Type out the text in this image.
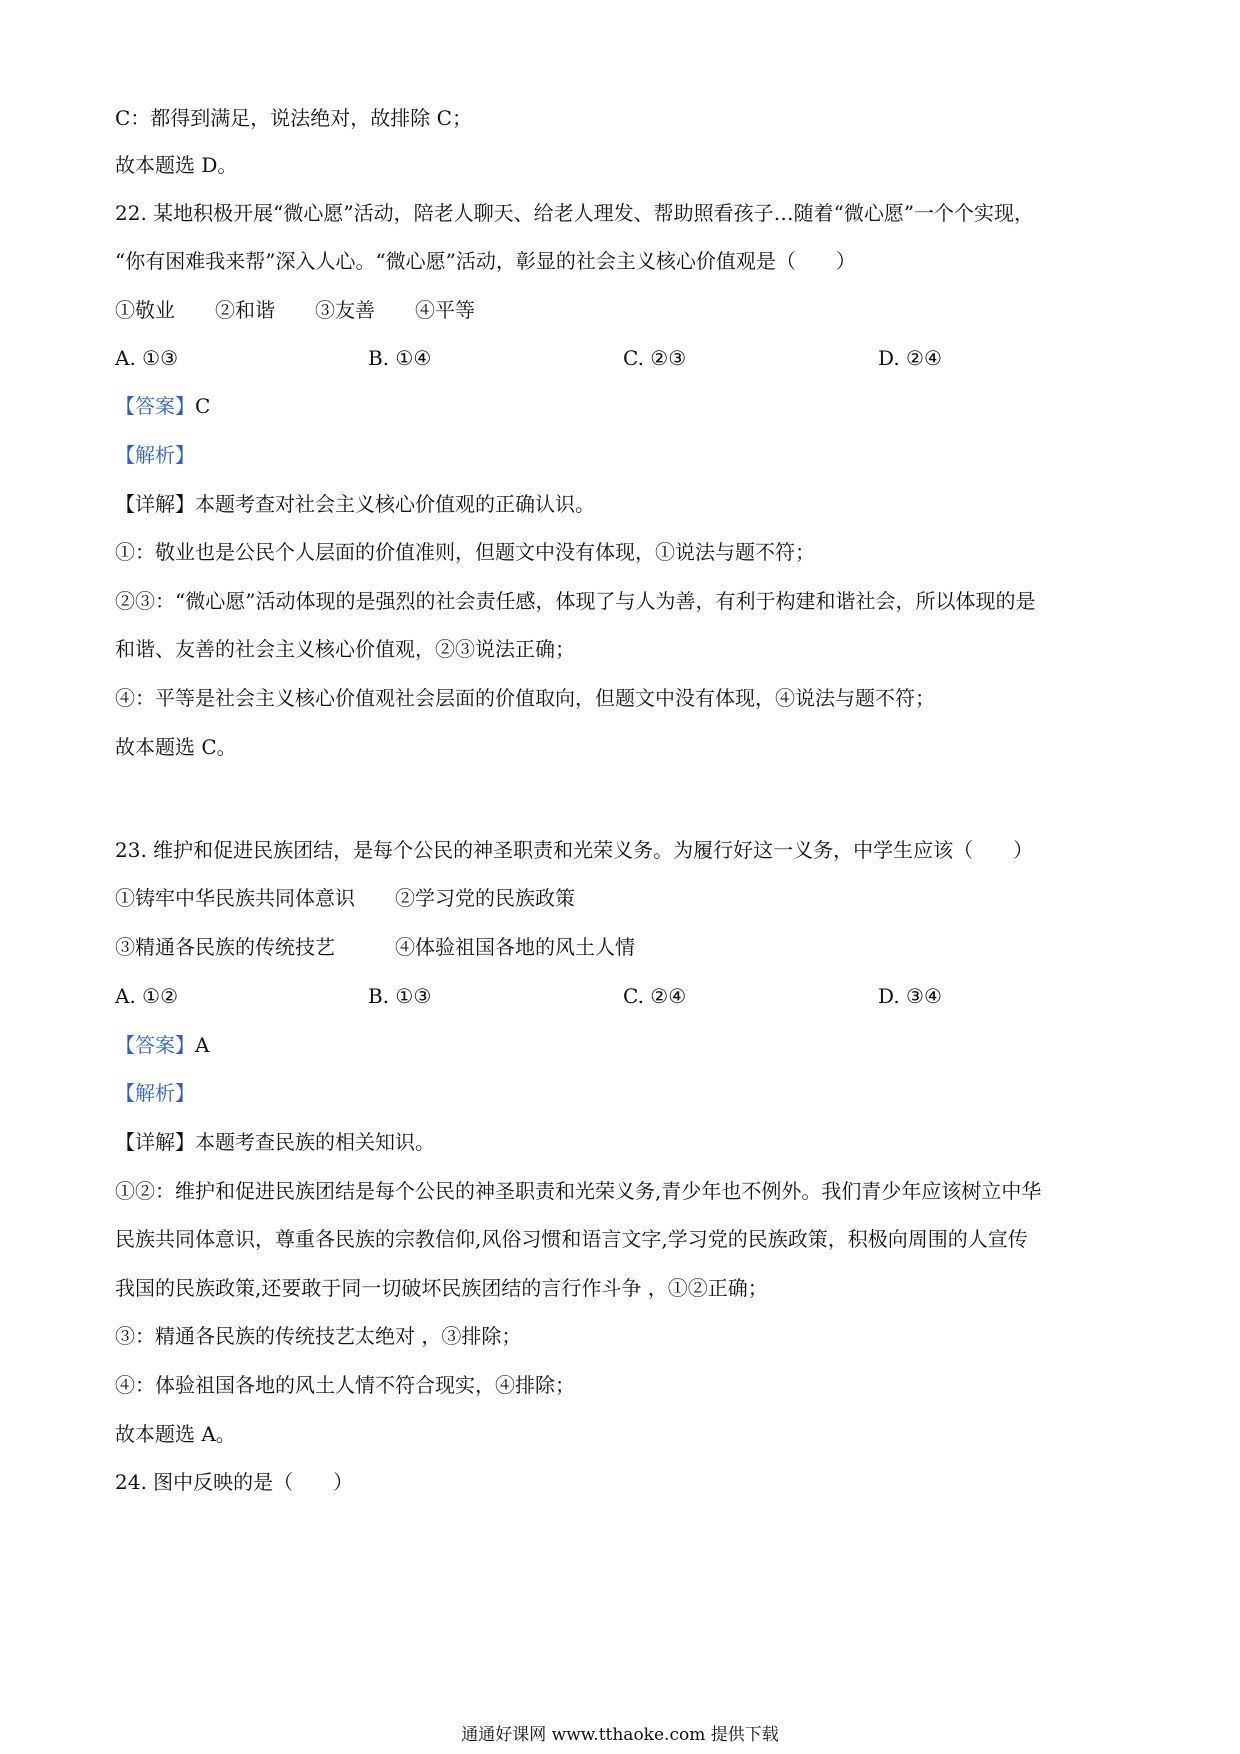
C：都得到满足，说法绝对，故排除 C；
故本题选 D。
22. 某地积极开展“微心愿”活动，陪老人聊天、给老人理发、帮助照看孩子…随着“微心愿”一个个实现，
“你有困难我来帮”深入人心。“微心愿”活动，彰显的社会主义核心价值观是（　　）
①敬业　　②和谐　　③友善　　④平等
A. ①③	B. ①④	C. ②③	D. ②④
【答案】C
【解析】
【详解】本题考查对社会主义核心价值观的正确认识。
①：敬业也是公民个人层面的价值准则，但题文中没有体现，①说法与题不符；
②③：“微心愿”活动体现的是强烈的社会责任感，体现了与人为善，有利于构建和谐社会，所以体现的是
和谐、友善的社会主义核心价值观，②③说法正确；
④：平等是社会主义核心价值观社会层面的价值取向，但题文中没有体现，④说法与题不符；
故本题选 C。
23. 维护和促进民族团结，是每个公民的神圣职责和光荣义务。为履行好这一义务，中学生应该（　　）
①铸牢中华民族共同体意识　　②学习党的民族政策
③精通各民族的传统技艺　　　④体验祖国各地的风土人情
A. ①②	B. ①③	C. ②④	D. ③④
【答案】A
【解析】
【详解】本题考查民族的相关知识。
①②：维护和促进民族团结是每个公民的神圣职责和光荣义务,青少年也不例外。我们青少年应该树立中华
民族共同体意识，尊重各民族的宗教信仰,风俗习惯和语言文字,学习党的民族政策，积极向周围的人宣传
我国的民族政策,还要敢于同一切破坏民族团结的言行作斗争 ，①②正确；
③：精通各民族的传统技艺太绝对 ，③排除；
④：体验祖国各地的风土人情不符合现实，④排除；
故本题选 A。
24. 图中反映的是（　　）
通通好课网 www.tthaoke.com 提供下载
